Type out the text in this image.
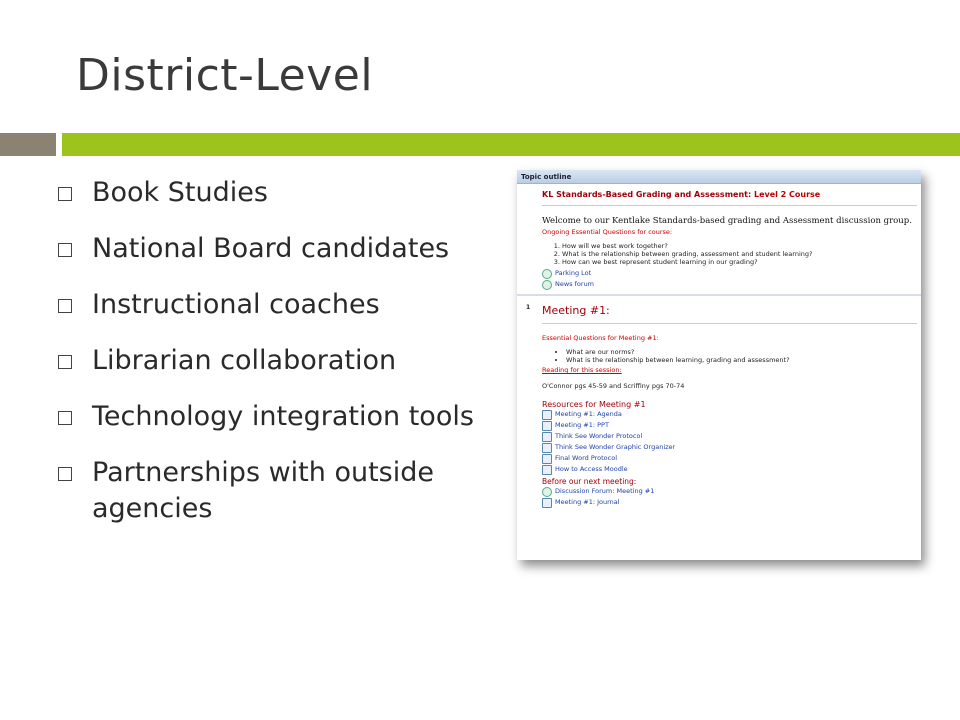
District-Level
Book Studies
National Board candidates
Instructional coaches
Librarian collaboration
Technology integration tools
Partnerships with outside agencies
Topic outline
KL Standards-Based Grading and Assessment: Level 2 Course
Welcome to our Kentlake Standards-based grading and Assessment discussion group.
Ongoing Essential Questions for course:
1. How will we best work together?
2. What is the relationship between grading, assessment and student learning?
3. How can we best represent student learning in our grading?
Parking Lot
News forum
1 Meeting #1:
Essential Questions for Meeting #1:
• What are our norms?
• What is the relationship between learning, grading and assessment?
Reading for this session:
O'Connor pgs 45-59 and Scriffiny pgs 70-74
Resources for Meeting #1
Meeting #1: Agenda
Meeting #1: PPT
Think See Wonder Protocol
Think See Wonder Graphic Organizer
Final Word Protocol
How to Access Moodle
Before our next meeting:
Discussion Forum: Meeting #1
Meeting #1: Journal
